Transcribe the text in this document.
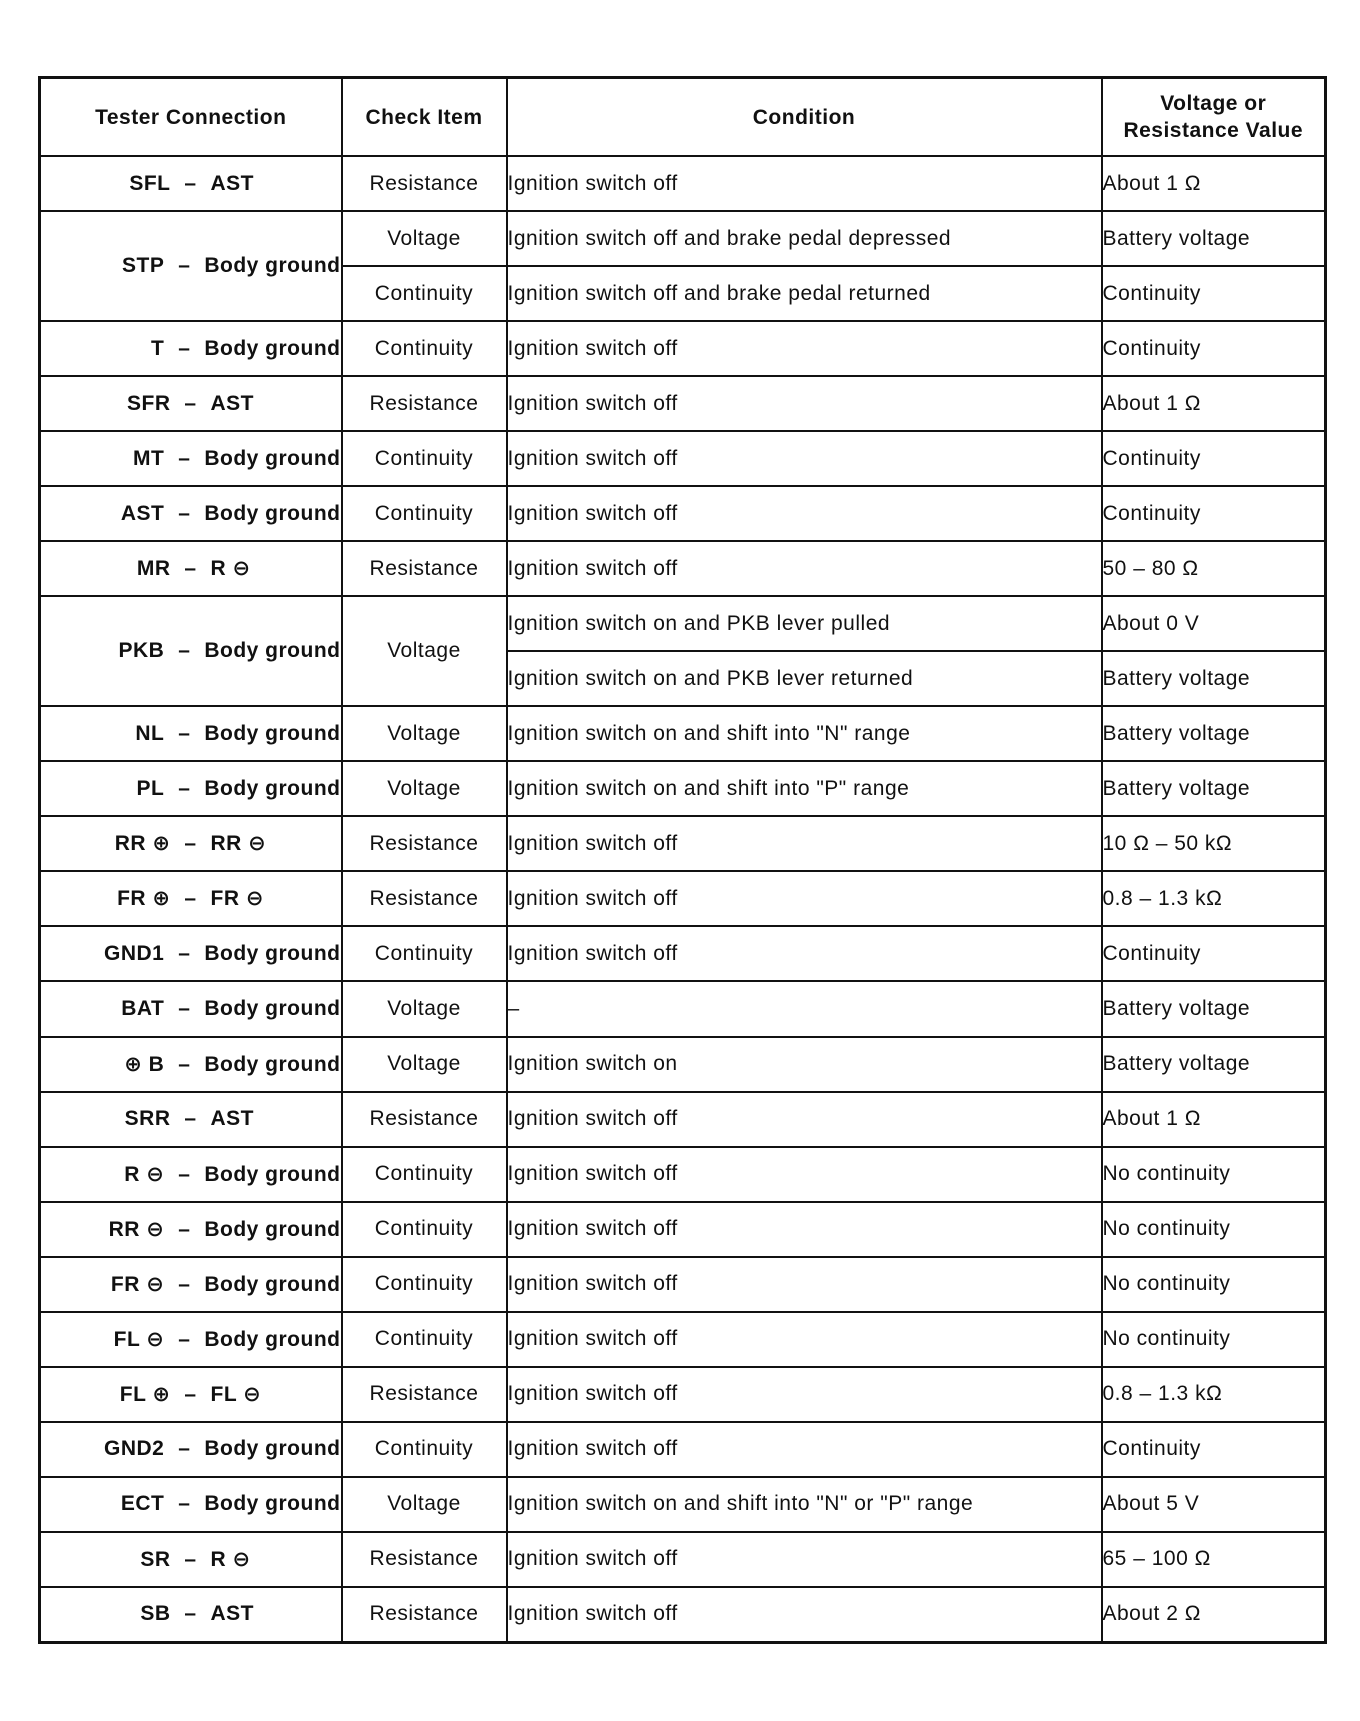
Tester Connection	Check Item	Condition	Voltage or
Resistance Value
SFL – AST	Resistance	Ignition switch off	About 1 Ω
STP – Body ground	Voltage	Ignition switch off and brake pedal depressed	Battery voltage
	Continuity	Ignition switch off and brake pedal returned	Continuity
T – Body ground	Continuity	Ignition switch off	Continuity
SFR – AST	Resistance	Ignition switch off	About 1 Ω
MT – Body ground	Continuity	Ignition switch off	Continuity
AST – Body ground	Continuity	Ignition switch off	Continuity
MR – R ⊖	Resistance	Ignition switch off	50 – 80 Ω
PKB – Body ground	Voltage	Ignition switch on and PKB lever pulled	About 0 V
		Ignition switch on and PKB lever returned	Battery voltage
NL – Body ground	Voltage	Ignition switch on and shift into "N" range	Battery voltage
PL – Body ground	Voltage	Ignition switch on and shift into "P" range	Battery voltage
RR ⊕ – RR ⊖	Resistance	Ignition switch off	10 Ω – 50 kΩ
FR ⊕ – FR ⊖	Resistance	Ignition switch off	0.8 – 1.3 kΩ
GND1 – Body ground	Continuity	Ignition switch off	Continuity
BAT – Body ground	Voltage	–	Battery voltage
⊕ B – Body ground	Voltage	Ignition switch on	Battery voltage
SRR – AST	Resistance	Ignition switch off	About 1 Ω
R ⊖ – Body ground	Continuity	Ignition switch off	No continuity
RR ⊖ – Body ground	Continuity	Ignition switch off	No continuity
FR ⊖ – Body ground	Continuity	Ignition switch off	No continuity
FL ⊖ – Body ground	Continuity	Ignition switch off	No continuity
FL ⊕ – FL ⊖	Resistance	Ignition switch off	0.8 – 1.3 kΩ
GND2 – Body ground	Continuity	Ignition switch off	Continuity
ECT – Body ground	Voltage	Ignition switch on and shift into "N" or "P" range	About 5 V
SR – R ⊖	Resistance	Ignition switch off	65 – 100 Ω
SB – AST	Resistance	Ignition switch off	About 2 Ω
